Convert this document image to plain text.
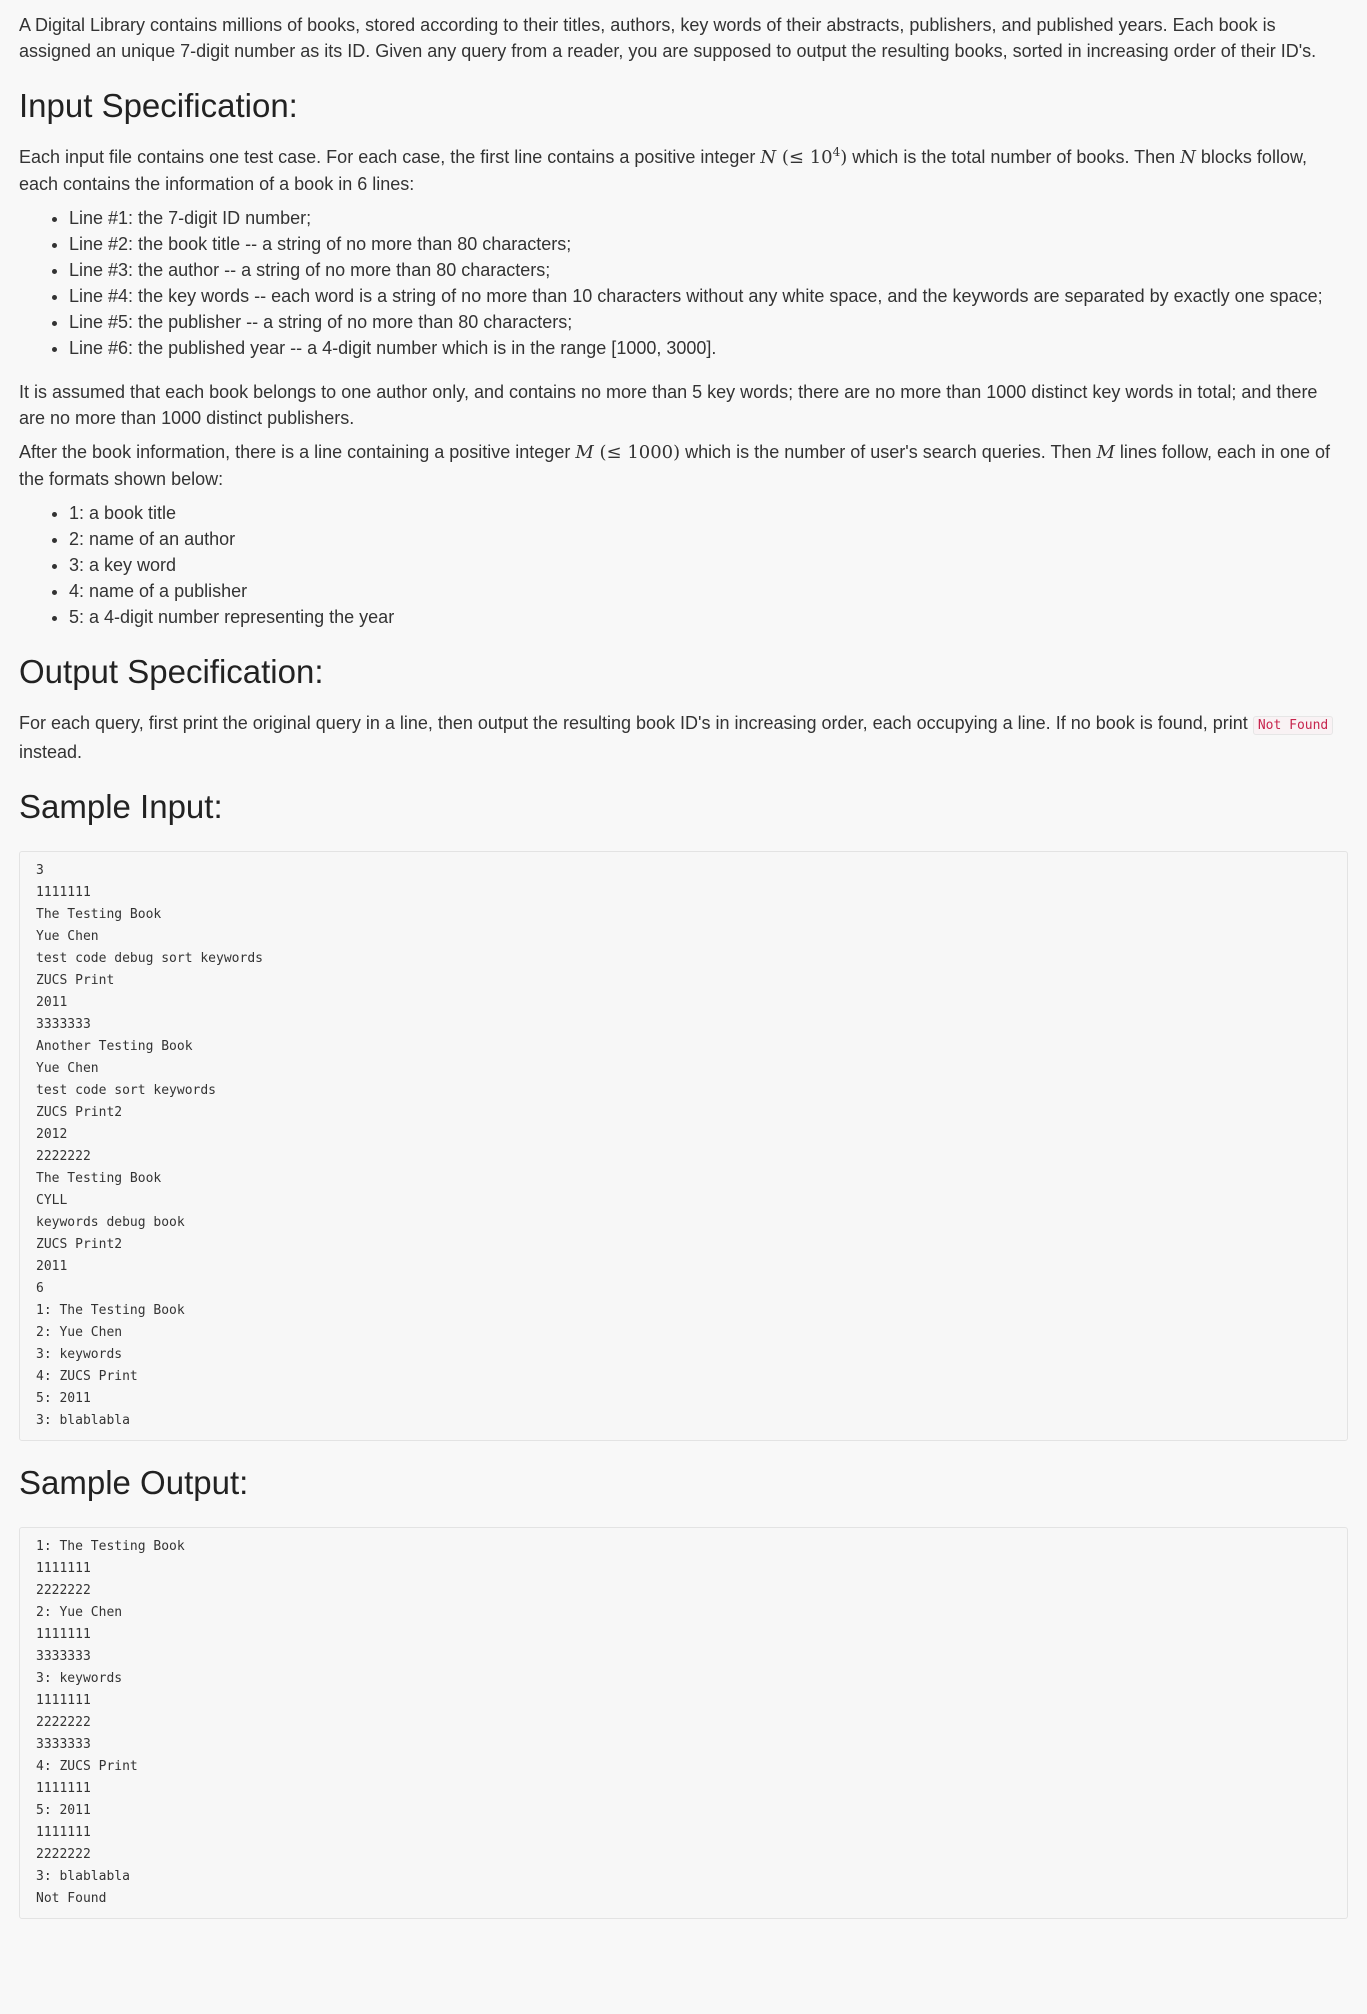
A Digital Library contains millions of books, stored according to their titles, authors, key words of their abstracts, publishers, and published years. Each book is assigned an unique 7-digit number as its ID. Given any query from a reader, you are supposed to output the resulting books, sorted in increasing order of their ID's.

Input Specification:

Each input file contains one test case. For each case, the first line contains a positive integer N (≤ $10^4$) which is the total number of books. Then N blocks follow, each contains the information of a book in 6 lines:

• Line #1: the 7-digit ID number;
• Line #2: the book title -- a string of no more than 80 characters;
• Line #3: the author -- a string of no more than 80 characters;
• Line #4: the key words -- each word is a string of no more than 10 characters without any white space, and the keywords are separated by exactly one space;
• Line #5: the publisher -- a string of no more than 80 characters;
• Line #6: the published year -- a 4-digit number which is in the range [1000, 3000].

It is assumed that each book belongs to one author only, and contains no more than 5 key words; there are no more than 1000 distinct key words in total; and there are no more than 1000 distinct publishers.

After the book information, there is a line containing a positive integer M (≤ 1000) which is the number of user's search queries. Then M lines follow, each in one of the formats shown below:

• 1: a book title
• 2: name of an author
• 3: a key word
• 4: name of a publisher
• 5: a 4-digit number representing the year
Output Specification:

For each query, first print the original query in a line, then output the resulting book ID's in increasing order, each occupying a line. If no book is found, print Not Found instead.

Sample Input:
3
1111111
The Testing Book
Yue Chen
test code debug sort keywords
ZUCS Print
2011
3333333
Another Testing Book
Yue Chen
test code sort keywords
ZUCS Print2
2012
2222222
The Testing Book
CYLL
keywords debug book
ZUCS Print2
2011
6
1: The Testing Book
2: Yue Chen
3: keywords
4: ZUCS Print
5: 2011
3: blablabla
Sample Output:
1: The Testing Book
1111111
2222222
2: Yue Chen
1111111
3333333
3: keywords
1111111
2222222
3333333
4: ZUCS Print
1111111
5: 2011
1111111
2222222
3: blablabla
Not Found
